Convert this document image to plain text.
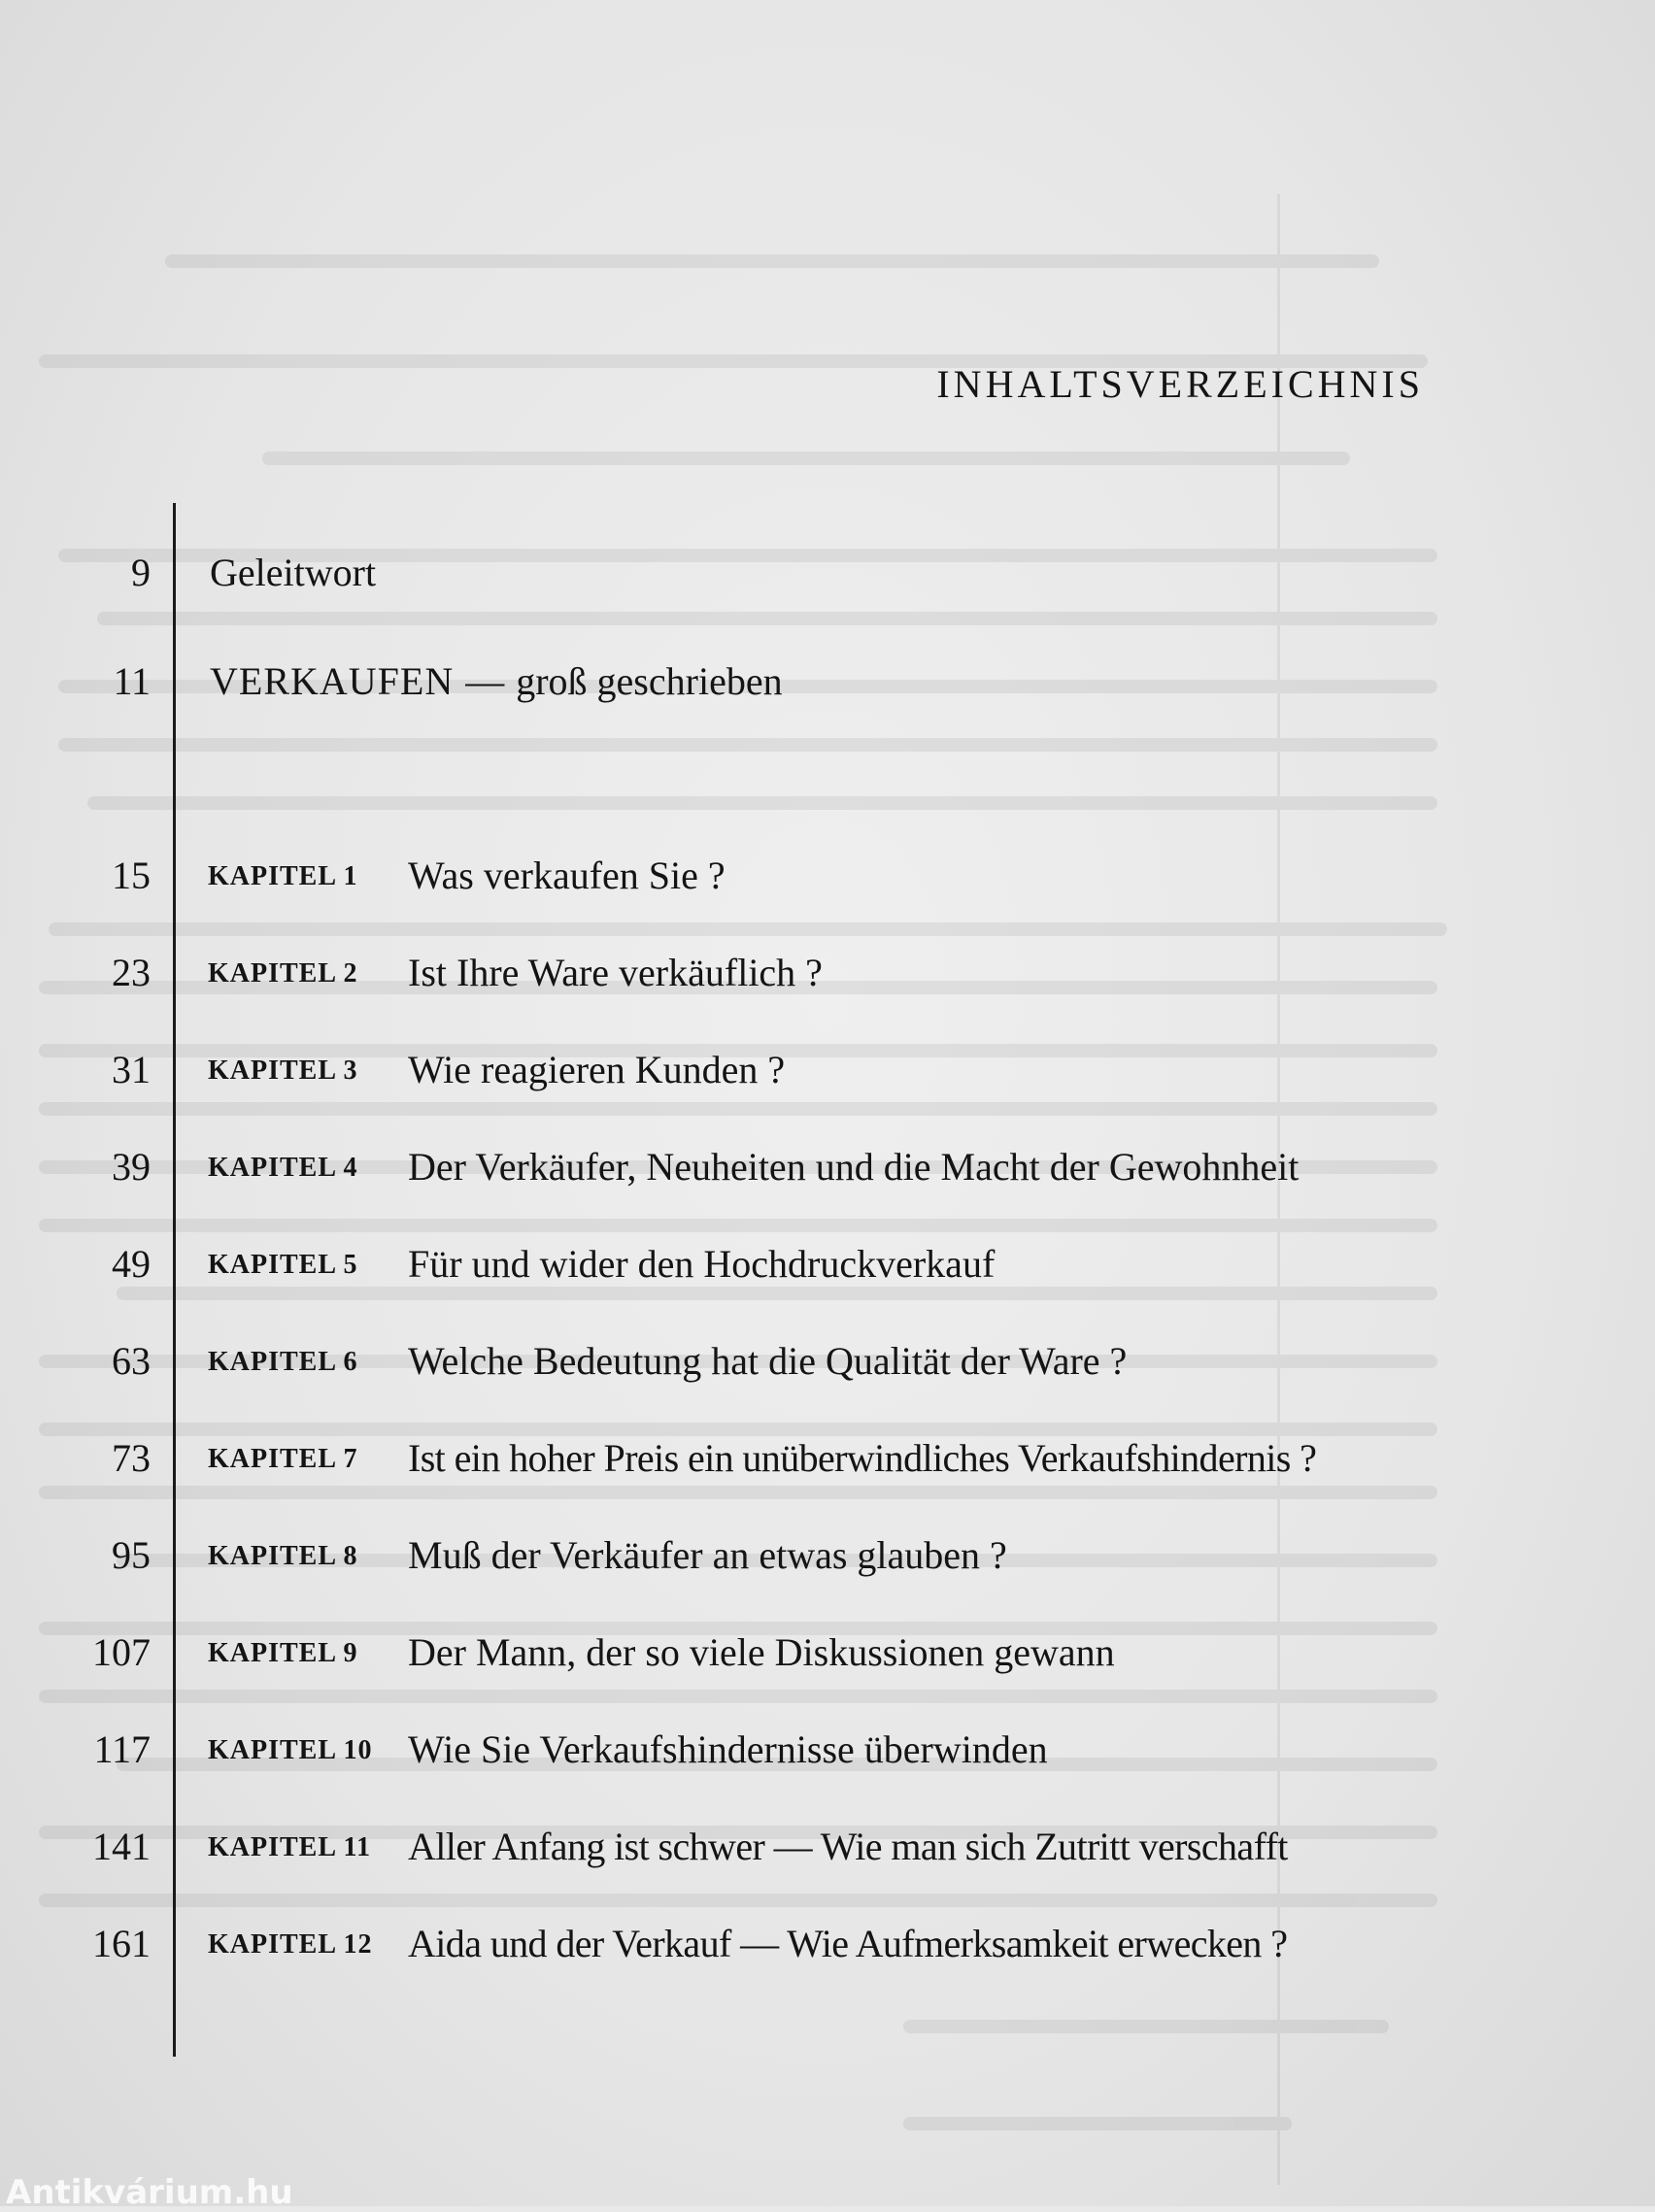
INHALTSVERZEICHNIS
9 Geleitwort
11 VERKAUFEN — groß geschrieben
15 KAPITEL 1 Was verkaufen Sie ?
23 KAPITEL 2 Ist Ihre Ware verkäuflich ?
31 KAPITEL 3 Wie reagieren Kunden ?
39 KAPITEL 4 Der Verkäufer, Neuheiten und die Macht der Gewohnheit
49 KAPITEL 5 Für und wider den Hochdruckverkauf
63 KAPITEL 6 Welche Bedeutung hat die Qualität der Ware ?
73 KAPITEL 7 Ist ein hoher Preis ein unüberwindliches Verkaufshindernis ?
95 KAPITEL 8 Muß der Verkäufer an etwas glauben ?
107 KAPITEL 9 Der Mann, der so viele Diskussionen gewann
117 KAPITEL 10 Wie Sie Verkaufshindernisse überwinden
141 KAPITEL 11 Aller Anfang ist schwer — Wie man sich Zutritt verschafft
161 KAPITEL 12 Aida und der Verkauf — Wie Aufmerksamkeit erwecken ?
Antikvárium.hu
